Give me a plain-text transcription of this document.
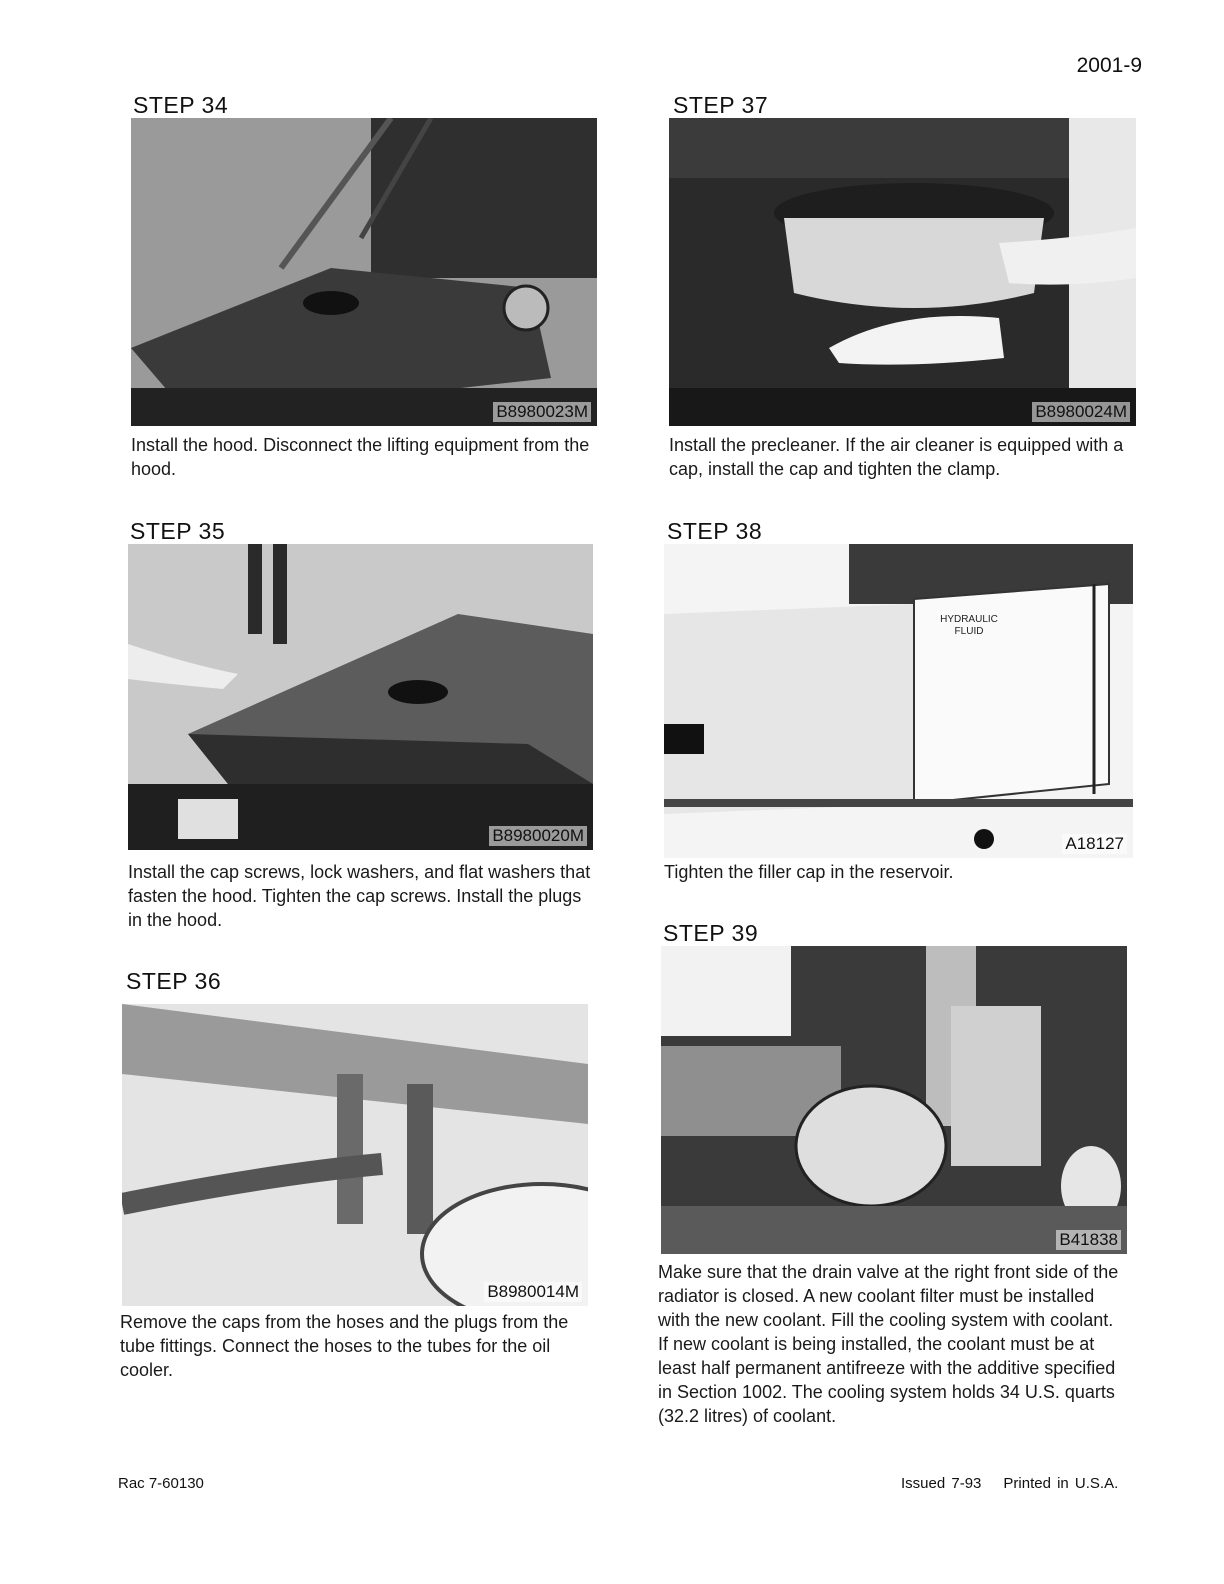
2001-9
STEP 34
B8980023M
Install the hood. Disconnect the lifting equipment from the hood.
STEP 35
B8980020M
Install the cap screws, lock washers, and flat washers that fasten the hood. Tighten the cap screws. Install the plugs in the hood.
STEP 36
B8980014M
Remove the caps from the hoses and the plugs from the tube fittings. Connect the hoses to the tubes for the oil cooler.
STEP 37
B8980024M
Install the precleaner. If the air cleaner is equipped with a cap, install the cap and tighten the clamp.
STEP 38
HYDRAULIC FLUID
A18127
Tighten the filler cap in the reservoir.
STEP 39
B41838
Make sure that the drain valve at the right front side of the radiator is closed. A new coolant filter must be installed with the new coolant. Fill the cooling system with coolant. If new coolant is being installed, the coolant must be at least half permanent antifreeze with the additive specified in Section 1002. The cooling system holds 34 U.S. quarts (32.2 litres) of coolant.
Rac 7-60130	Issued 7-93 Printed in U.S.A.
